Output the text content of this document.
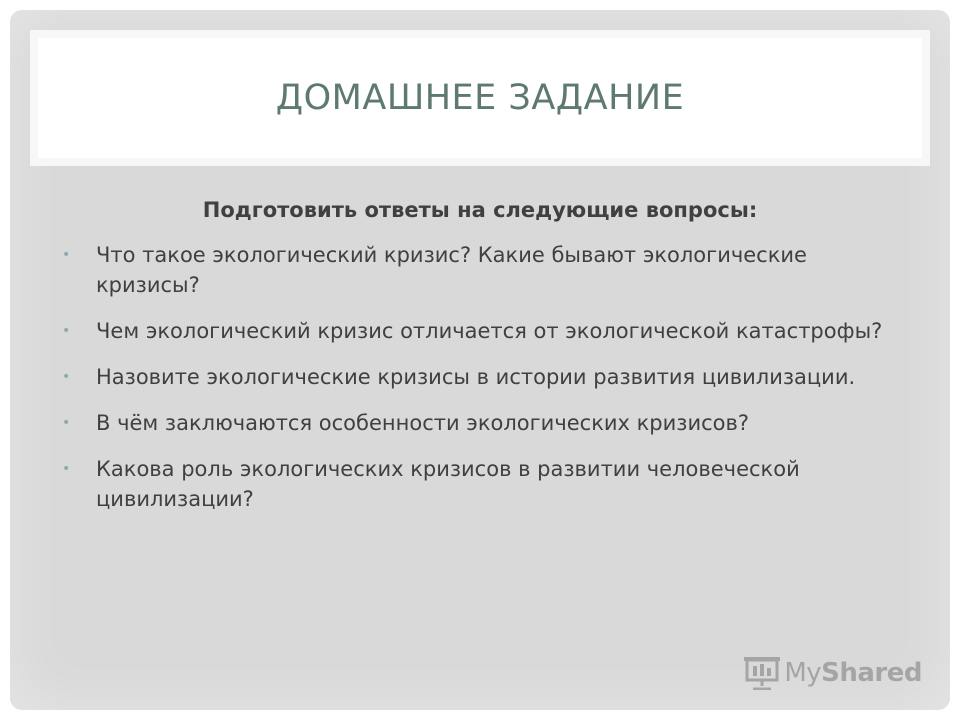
ДОМАШНЕЕ ЗАДАНИЕ
Подготовить ответы на следующие вопросы:
• Что такое экологический кризис? Какие бывают экологические кризисы?
• Чем экологический кризис отличается от экологической катастрофы?
• Назовите экологические кризисы в истории развития цивилизации.
• В чём заключаются особенности экологических кризисов?
• Какова роль экологических кризисов в развитии человеческой цивилизации?
MyShared
